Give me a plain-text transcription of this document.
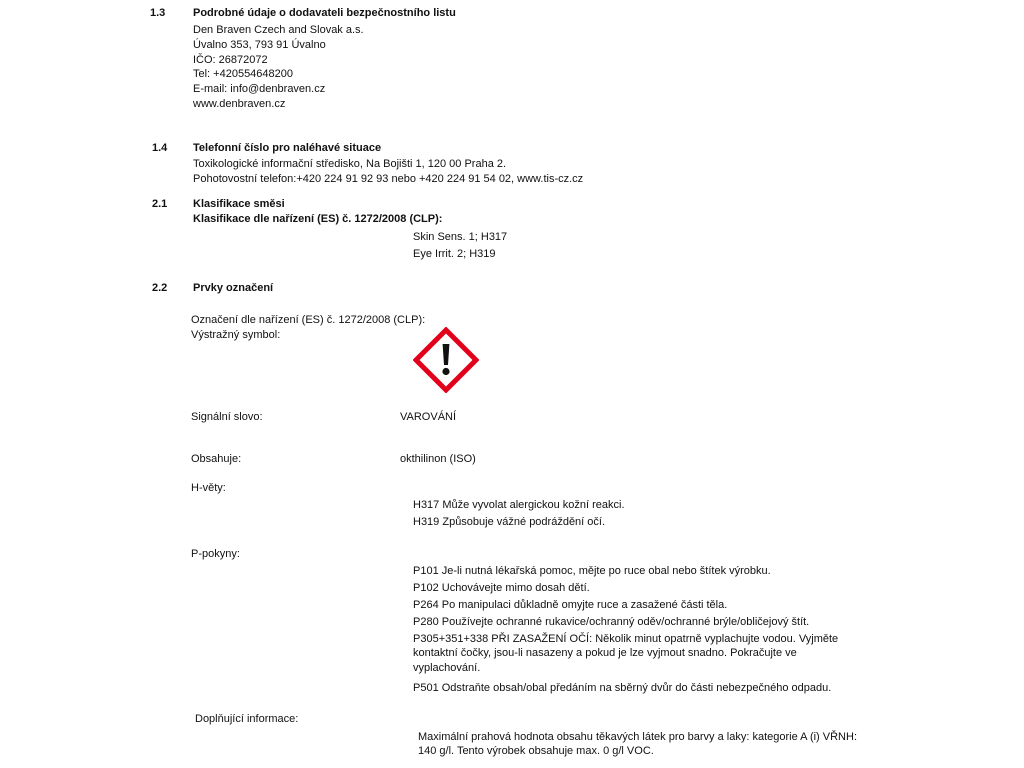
1.3	Podrobné údaje o dodavateli bezpečnostního listu
Den Braven Czech and Slovak a.s.
Úvalno 353, 793 91 Úvalno
IČO: 26872072
Tel: +420554648200
E-mail: info@denbraven.cz
www.denbraven.cz
1.4 Telefonní číslo pro naléhavé situace
Toxikologické informační středisko, Na Bojišti 1, 120 00 Praha 2.
Pohotovostní telefon:+420 224 91 92 93 nebo +420 224 91 54 02, www.tis-cz.cz
2.1 Klasifikace směsi
Klasifikace dle nařízení (ES) č. 1272/2008 (CLP):
Skin Sens. 1; H317
Eye Irrit. 2; H319
2.2 Prvky označení
Označení dle nařízení (ES) č. 1272/2008 (CLP):
Výstražný symbol:
Signální slovo:	VAROVÁNÍ
Obsahuje:	okthilinon (ISO)
H-věty:
H317 Může vyvolat alergickou kožní reakci.
H319 Způsobuje vážné podráždění očí.
P-pokyny:
P101 Je-li nutná lékařská pomoc, mějte po ruce obal nebo štítek výrobku.
P102 Uchovávejte mimo dosah dětí.
P264 Po manipulaci důkladně omyjte ruce a zasažené části těla.
P280 Používejte ochranné rukavice/ochranný oděv/ochranné brýle/obličejový štít.
P305+351+338 PŘI ZASAŽENÍ OČÍ: Několik minut opatrně vyplachujte vodou. Vyjměte
kontaktní čočky, jsou-li nasazeny a pokud je lze vyjmout snadno. Pokračujte ve
vyplachování.
P501 Odstraňte obsah/obal předáním na sběrný dvůr do části nebezpečného odpadu.
Doplňující informace:
Maximální prahová hodnota obsahu těkavých látek pro barvy a laky: kategorie A (i) VŘNH:
140 g/l. Tento výrobek obsahuje max. 0 g/l VOC.
